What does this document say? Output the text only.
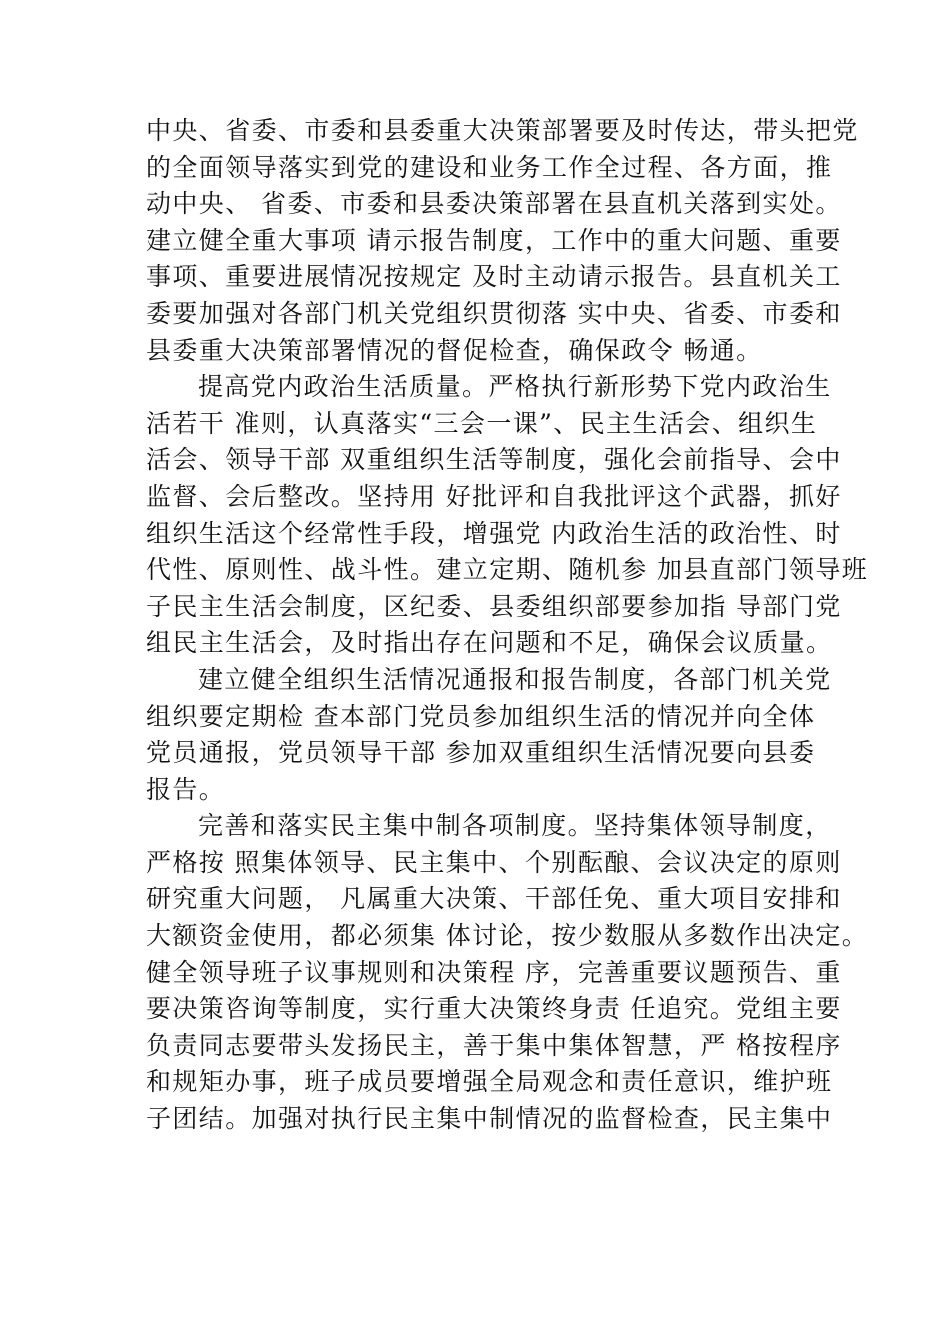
中央、省委、市委和县委重大决策部署要及时传达，带头把党
的全面领导落实到党的建设和业务工作全过程、各方面，推
动中央、 省委、市委和县委决策部署在县直机关落到实处。
建立健全重大事项 请示报告制度，工作中的重大问题、重要
事项、重要进展情况按规定 及时主动请示报告。县直机关工
委要加强对各部门机关党组织贯彻落 实中央、省委、市委和
县委重大决策部署情况的督促检查，确保政令 畅通。
提高党内政治生活质量。严格执行新形势下党内政治生
活若干 准则，认真落实“三会一课”、民主生活会、组织生
活会、领导干部 双重组织生活等制度，强化会前指导、会中
监督、会后整改。坚持用 好批评和自我批评这个武器，抓好
组织生活这个经常性手段，增强党 内政治生活的政治性、时
代性、原则性、战斗性。建立定期、随机参 加县直部门领导班
子民主生活会制度，区纪委、县委组织部要参加指 导部门党
组民主生活会，及时指出存在问题和不足，确保会议质量。
建立健全组织生活情况通报和报告制度，各部门机关党
组织要定期检 查本部门党员参加组织生活的情况并向全体
党员通报，党员领导干部 参加双重组织生活情况要向县委
报告。
完善和落实民主集中制各项制度。坚持集体领导制度，
严格按 照集体领导、民主集中、个别酝酿、会议决定的原则
研究重大问题， 凡属重大决策、干部任免、重大项目安排和
大额资金使用，都必须集 体讨论，按少数服从多数作出决定。
健全领导班子议事规则和决策程 序，完善重要议题预告、重
要决策咨询等制度，实行重大决策终身责 任追究。党组主要
负责同志要带头发扬民主，善于集中集体智慧，严 格按程序
和规矩办事，班子成员要增强全局观念和责任意识，维护班
子团结。加强对执行民主集中制情况的监督检查，民主集中
